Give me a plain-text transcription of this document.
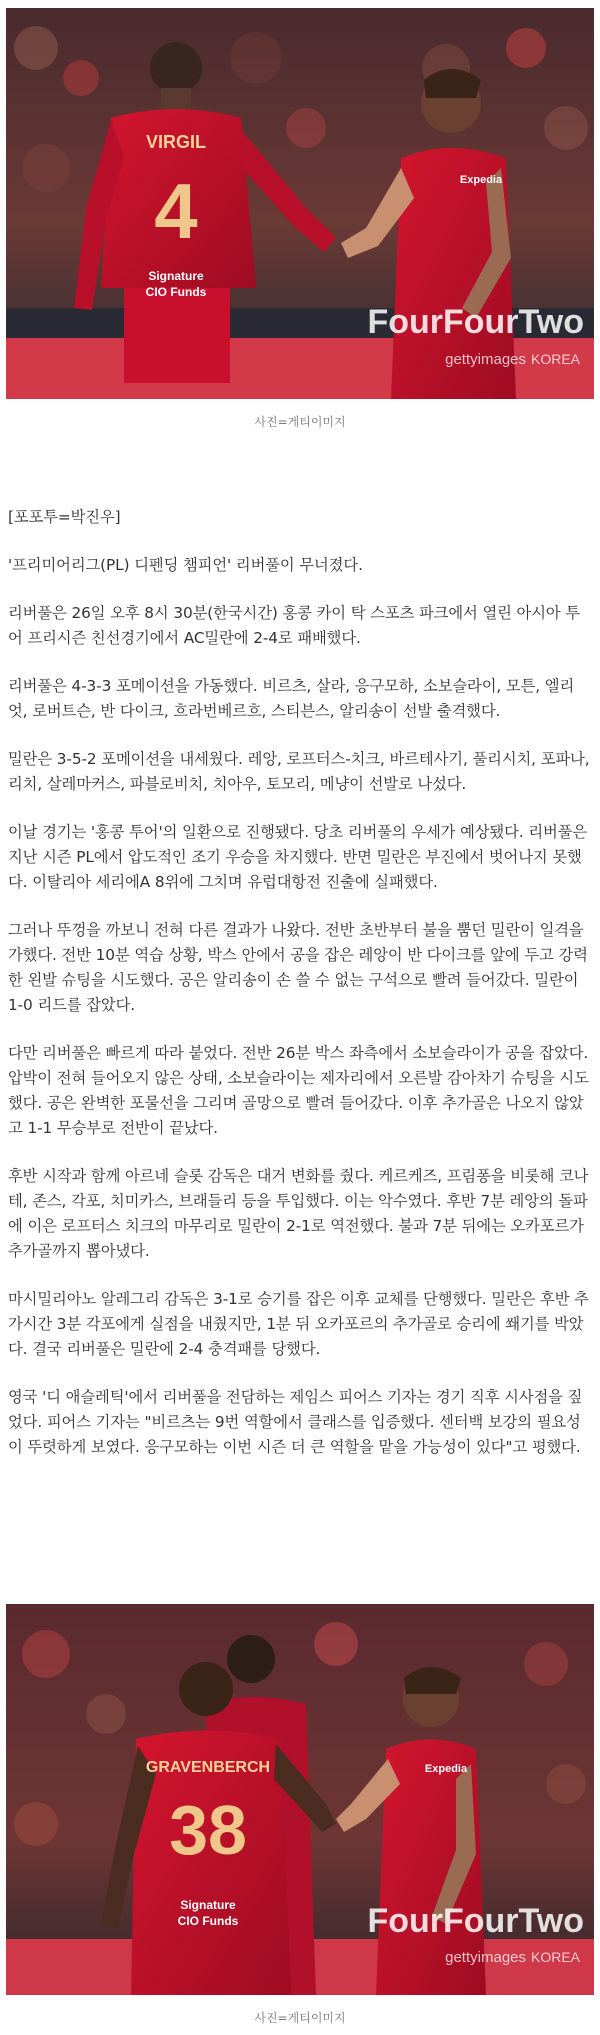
VIRGIL
4
Signature
CIO Funds
Expedia
FourFourTwo
gettyimages KOREA
사진=게티이미지

[포포투=박진우]

'프리미어리그(PL) 디펜딩 챔피언' 리버풀이 무너졌다.

리버풀은 26일 오후 8시 30분(한국시간) 홍콩 카이 탁 스포츠 파크에서 열린 아시아 투어 프리시즌 친선경기에서 AC밀란에 2-4로 패배했다.

리버풀은 4-3-3 포메이션을 가동했다. 비르츠, 살라, 응구모하, 소보슬라이, 모튼, 엘리엇, 로버트슨, 반 다이크, 흐라번베르흐, 스티븐스, 알리송이 선발 출격했다.

밀란은 3-5-2 포메이션을 내세웠다. 레앙, 로프터스-치크, 바르테사기, 풀리시치, 포파나, 리치, 살레마커스, 파블로비치, 치아우, 토모리, 메냥이 선발로 나섰다.

이날 경기는 '홍콩 투어'의 일환으로 진행됐다. 당초 리버풀의 우세가 예상됐다. 리버풀은 지난 시즌 PL에서 압도적인 조기 우승을 차지했다. 반면 밀란은 부진에서 벗어나지 못했다. 이탈리아 세리에A 8위에 그치며 유럽대항전 진출에 실패했다.

그러나 뚜껑을 까보니 전혀 다른 결과가 나왔다. 전반 초반부터 불을 뿜던 밀란이 일격을 가했다. 전반 10분 역습 상황, 박스 안에서 공을 잡은 레앙이 반 다이크를 앞에 두고 강력한 왼발 슈팅을 시도했다. 공은 알리송이 손 쓸 수 없는 구석으로 빨려 들어갔다. 밀란이 1-0 리드를 잡았다.

다만 리버풀은 빠르게 따라 붙었다. 전반 26분 박스 좌측에서 소보슬라이가 공을 잡았다. 압박이 전혀 들어오지 않은 상태, 소보슬라이는 제자리에서 오른발 감아차기 슈팅을 시도했다. 공은 완벽한 포물선을 그리며 골망으로 빨려 들어갔다. 이후 추가골은 나오지 않았고 1-1 무승부로 전반이 끝났다.

후반 시작과 함께 아르네 슬롯 감독은 대거 변화를 줬다. 케르케즈, 프림퐁을 비롯해 코나테, 존스, 각포, 치미카스, 브래들리 등을 투입했다. 이는 악수였다. 후반 7분 레앙의 돌파에 이은 로프터스 치크의 마무리로 밀란이 2-1로 역전했다. 불과 7분 뒤에는 오카포르가 추가골까지 뽑아냈다.

마시밀리아노 알레그리 감독은 3-1로 승기를 잡은 이후 교체를 단행했다. 밀란은 후반 추가시간 3분 각포에게 실점을 내줬지만, 1분 뒤 오카포르의 추가골로 승리에 쐐기를 박았다. 결국 리버풀은 밀란에 2-4 충격패를 당했다.

영국 '디 애슬레틱'에서 리버풀을 전담하는 제임스 피어스 기자는 경기 직후 시사점을 짚었다. 피어스 기자는 "비르츠는 9번 역할에서 클래스를 입증했다. 센터백 보강의 필요성이 뚜렷하게 보였다. 응구모하는 이번 시즌 더 큰 역할을 맡을 가능성이 있다"고 평했다.

GRAVENBERCH
38
Signature
CIO Funds
Expedia
FourFourTwo
gettyimages KOREA
사진=게티이미지
